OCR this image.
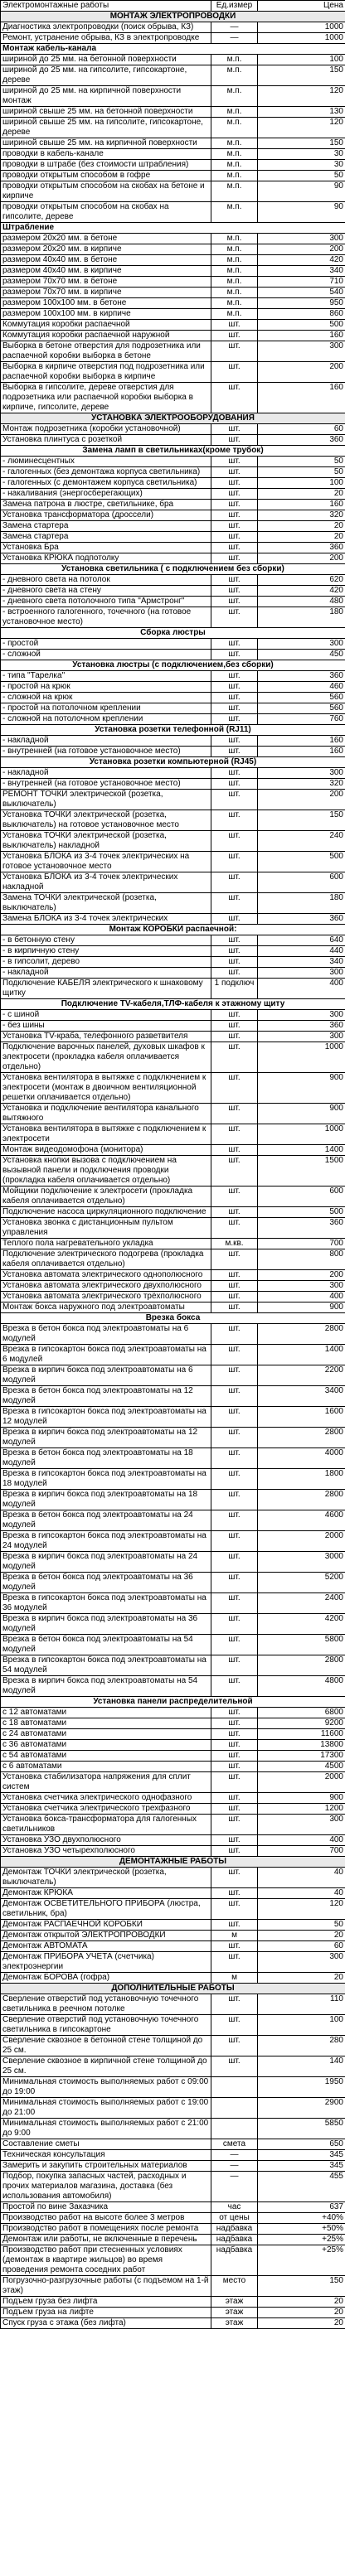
Электромонтажные работы	Ед.измер	Цена
МОНТАЖ ЭЛЕКТРОПРОВОДКИ		
Диагностика электропроводки (поиск обрыва, КЗ)	—	1000
Ремонт, устранение обрыва, КЗ в электропроводке	—	1000
Монтаж кабель-канала		
шириной до 25 мм. на бетонной поверхности	м.п.	100
шириной до 25 мм. на гипсолите, гипсокартоне, дереве	м.п.	150
шириной до 25 мм. на кирпичной поверхности монтаж	м.п.	120
шириной свыше 25 мм. на бетонной поверхности	м.п.	130
шириной свыше 25 мм. на гипсолите, гипсокартоне, дереве	м.п.	120
шириной свыше 25 мм. на кирпичной поверхности	м.п.	150
проводки в кабель-канале	м.п.	30
проводки в штрабе (без стоимости штрабления)	м.п.	30
проводки открытым способом в гофре	м.п.	50
проводки открытым способом на скобах на бетоне и кирпиче	м.п.	90
проводки открытым способом на скобах на гипсолите, дереве	м.п.	90
Штрабление		
размером 20х20 мм. в бетоне	м.п.	300
размером 20х20 мм. в кирпиче	м.п.	200
размером 40х40 мм. в бетоне	м.п.	420
размером 40х40 мм. в кирпиче	м.п.	340
размером 70х70 мм. в бетоне	м.п.	710
размером 70х70 мм. в кирпиче	м.п.	540
размером 100х100 мм. в бетоне	м.п.	950
размером 100х100 мм. в кирпиче	м.п.	860
Коммутация коробки распаечной	шт.	500
Коммутация коробки распаечной наружной	шт.	160
Выборка в бетоне отверстия для подрозетника или распаечной коробки выборка в бетоне	шт.	300
Выборка в кирпиче отверстия под подрозетника или распаечной коробки выборка в кирпиче	шт.	200
Выборка в гипсолите, дереве отверстия для подрозетника или распаечной коробки выборка в кирпиче, гипсолите, дереве	шт.	160
УСТАНОВКА ЭЛЕКТРООБОРУДОВАНИЯ		
Монтаж подрозетника (коробки установочной)	шт.	60
Установка плинтуса с розеткой	шт.	360
Замена ламп в светильниках(кроме трубок)		
- люминесцентных	шт.	50
- галогенных (без демонтажа корпуса светильника)	шт.	50
- галогенных (с демонтажем корпуса светильника)	шт.	100
- накаливания (энергосберегающих)	шт.	20
Замена патрона в люстре, светильнике, бра	шт.	160
Установка трансформатора (дроссели)	шт.	320
Замена стартера	шт.	20
Замена стартера	шт.	20
Установка Бра	шт.	360
Установка КРЮКА подпотолку	шт.	200
Установка светильника ( с подключением без сборки)		
- дневного света на потолок	шт.	620
- дневного света на стену	шт.	420
- дневного света потолочного типа "Армстронг"	шт.	480
- встроенного галогенного, точечного (на готовое установочное место)	шт.	180
Сборка люстры		
- простой	шт.	300
- сложной	шт.	450
Установка люстры (с подключением,без сборки)		
- типа "Тарелка"	шт.	360
- простой на крюк	шт.	460
- сложной на крюк	шт.	560
- простой на потолочном креплении	шт.	560
- сложной на потолочном креплении	шт.	760
Установка розетки телефонной (RJ11)		
- накладной	шт.	160
- внутренней (на готовое установочное место)	шт.	160
Установка розетки компьютерной (RJ45)		
- накладной	шт.	300
- внутренней (на готовое установочное место)	шт.	320
РЕМОНТ ТОЧКИ электрической (розетка, выключатель)	шт.	200
Установка ТОЧКИ электрической (розетка, выключатель) на готовое установочное место	шт.	150
Установка ТОЧКИ электрической (розетка, выключатель) накладной	шт.	240
Установка БЛОКА из 3-4 точек электрических на готовое установочное место	шт.	500
Установка БЛОКА из 3-4 точек электрических накладной	шт.	600
Замена ТОЧКИ электрической (розетка, выключатель)	шт.	180
Замена БЛОКА из 3-4 точек электрических	шт.	360
Монтаж КОРОБКИ распаечной:		
- в бетонную стену	шт.	640
- в кирпичную стену	шт.	440
- в гипсолит, дерево	шт.	340
- накладной	шт.	300
Подключение КАБЕЛЯ электрического к шнаковому щитку	1 подключ	400
Подключение TV-кабеля,ТЛФ-кабеля к этажному щиту		
- с шиной	шт.	300
- без шины	шт.	360
Установка TV-краба, телефонного разветвителя	шт.	300
Подключение варочных панелей, духовых шкафов к электросети (прокладка кабеля оплачивается отдельно)	шт.	1000
Установка вентилятора в вытяжке с подключением к электросети (монтаж в двоичном вентиляционной решетки оплачивается отдельно)	шт.	900
Установка и подключение вентилятора канального вытяжного	шт.	900
Установка вентилятора в вытяжке с подключением к электросети	шт.	1000
Монтаж видеодомофона (монитора)	шт.	1400
Установка кнопки вызова с подключением на вызывной панели и подключения проводки (прокладка кабеля оплачивается отдельно)	шт.	1500
Мойщики подключение к электросети (прокладка кабеля оплачивается отдельно)	шт.	600
Подключение насоса циркуляционного подключение	шт.	500
Установка звонка с дистанционным пультом управления	шт.	360
Теплого пола нагревательного укладка	м.кв.	700
Подключение электрического подогрева (прокладка кабеля оплачивается отдельно)	шт.	800
Установка автомата электрического однополюсного	шт.	200
Установка автомата электрического двухполюсного	шт.	300
Установка автомата электрического трёхполюсного	шт.	400
Монтаж бокса наружного под электроавтоматы	шт.	900
Врезка бокса		
Врезка в бетон бокса под электроавтоматы на 6 модулей	шт.	2800
Врезка в гипсокартон бокса под электроавтоматы на 6 модулей	шт.	1400
Врезка в кирпич бокса под электроавтоматы на 6 модулей	шт.	2200
Врезка в бетон бокса под электроавтоматы на 12 модулей	шт.	3400
Врезка в гипсокартон бокса под электроавтоматы на 12 модулей	шт.	1600
Врезка в кирпич бокса под электроавтоматы на 12 модулей	шт.	2800
Врезка в бетон бокса под электроавтоматы на 18 модулей	шт.	4000
Врезка в гипсокартон бокса под электроавтоматы на 18 модулей	шт.	1800
Врезка в кирпич бокса под электроавтоматы на 18 модулей	шт.	2800
Врезка в бетон бокса под электроавтоматы на 24 модулей	шт.	4600
Врезка в гипсокартон бокса под электроавтоматы на 24 модулей	шт.	2000
Врезка в кирпич бокса под электроавтоматы на 24 модулей	шт.	3000
Врезка в бетон бокса под электроавтоматы на 36 модулей	шт.	5200
Врезка в гипсокартон бокса под электроавтоматы на 36 модулей	шт.	2400
Врезка в кирпич бокса под электроавтоматы на 36 модулей	шт.	4200
Врезка в бетон бокса под электроавтоматы на 54 модулей	шт.	5800
Врезка в гипсокартон бокса под электроавтоматы на 54 модулей	шт.	2800
Врезка в кирпич бокса под электроавтоматы на 54 модулей	шт.	4800
Установка панели распределительной		
с 12 автоматами	шт.	6800
с 18 автоматами	шт.	9200
с 24 автоматами	шт.	11600
с 36 автоматами	шт.	13800
с 54 автоматами	шт.	17300
с 6 автоматами	шт.	4500
Установка стабилизатора напряжения для сплит систем	шт.	2000
Установка счетчика электрического однофазного	шт.	900
Установка счетчика электрического трехфазного	шт.	1200
Установка бокса-трансформатора для галогенных светильников	шт.	300
Установка УЗО двухполюсного	шт.	400
Установка УЗО четырехполюсного	шт.	700
ДЕМОНТАЖНЫЕ РАБОТЫ		
Демонтаж ТОЧКИ электрической (розетка, выключатель)	шт.	40
Демонтаж КРЮКА	шт.	40
Демонтаж ОСВЕТИТЕЛЬНОГО ПРИБОРА (люстра, светильник, бра)	шт.	120
Демонтаж РАСПАЕЧНОЙ КОРОБКИ	шт.	50
Демонтаж открытой ЭЛЕКТРОПРОВОДКИ	м	20
Демонтаж АВТОМАТА	шт.	60
Демонтаж ПРИБОРА УЧЕТА (счетчика) электроэнергии	шт.	300
Демонтаж БОРОВА (гофра)	м	20
ДОПОЛНИТЕЛЬНЫЕ РАБОТЫ		
Сверление отверстий под установочную точечного светильника в реечном потолке	шт.	110
Сверление отверстий под установочную точечного светильника в гипсокартоне	шт.	100
Сверление сквозное в бетонной стене толщиной до 25 см.	шт.	280
Сверление сквозное в кирпичной стене толщиной до 25 см.	шт.	140
Минимальная стоимость выполняемых работ с 09:00 до 19:00		1950
Минимальная стоимость выполняемых работ с 19:00 до 21:00		2900
Минимальная стоимость выполняемых работ с 21:00 до 9:00		5850
Составление сметы	смета	650
Техническая консультация	—	345
Замерить и закупить строительных материалов	—	345
Подбор, покупка запасных частей, расходных и прочих материалов магазина, доставка (без использования автомобиля)	—	455
Простой по вине Заказчика	час	637
Производство работ на высоте более 3 метров	от цены	+40%
Производство работ в помещениях после ремонта	надбавка	+50%
Демонтаж или работы, не включенные в перечень	надбавка	+25%
Производство работ при стесненных условиях (демонтаж в квартире жильцов) во время проведения ремонта соседних работ	надбавка	+25%
Погрузочно-разгрузочные работы (с подъемом на 1-й этаж)	место	150
Подъем груза без лифта	этаж	20
Подъем груза на лифте	этаж	20
Спуск груза с этажа (без лифта)	этаж	20
